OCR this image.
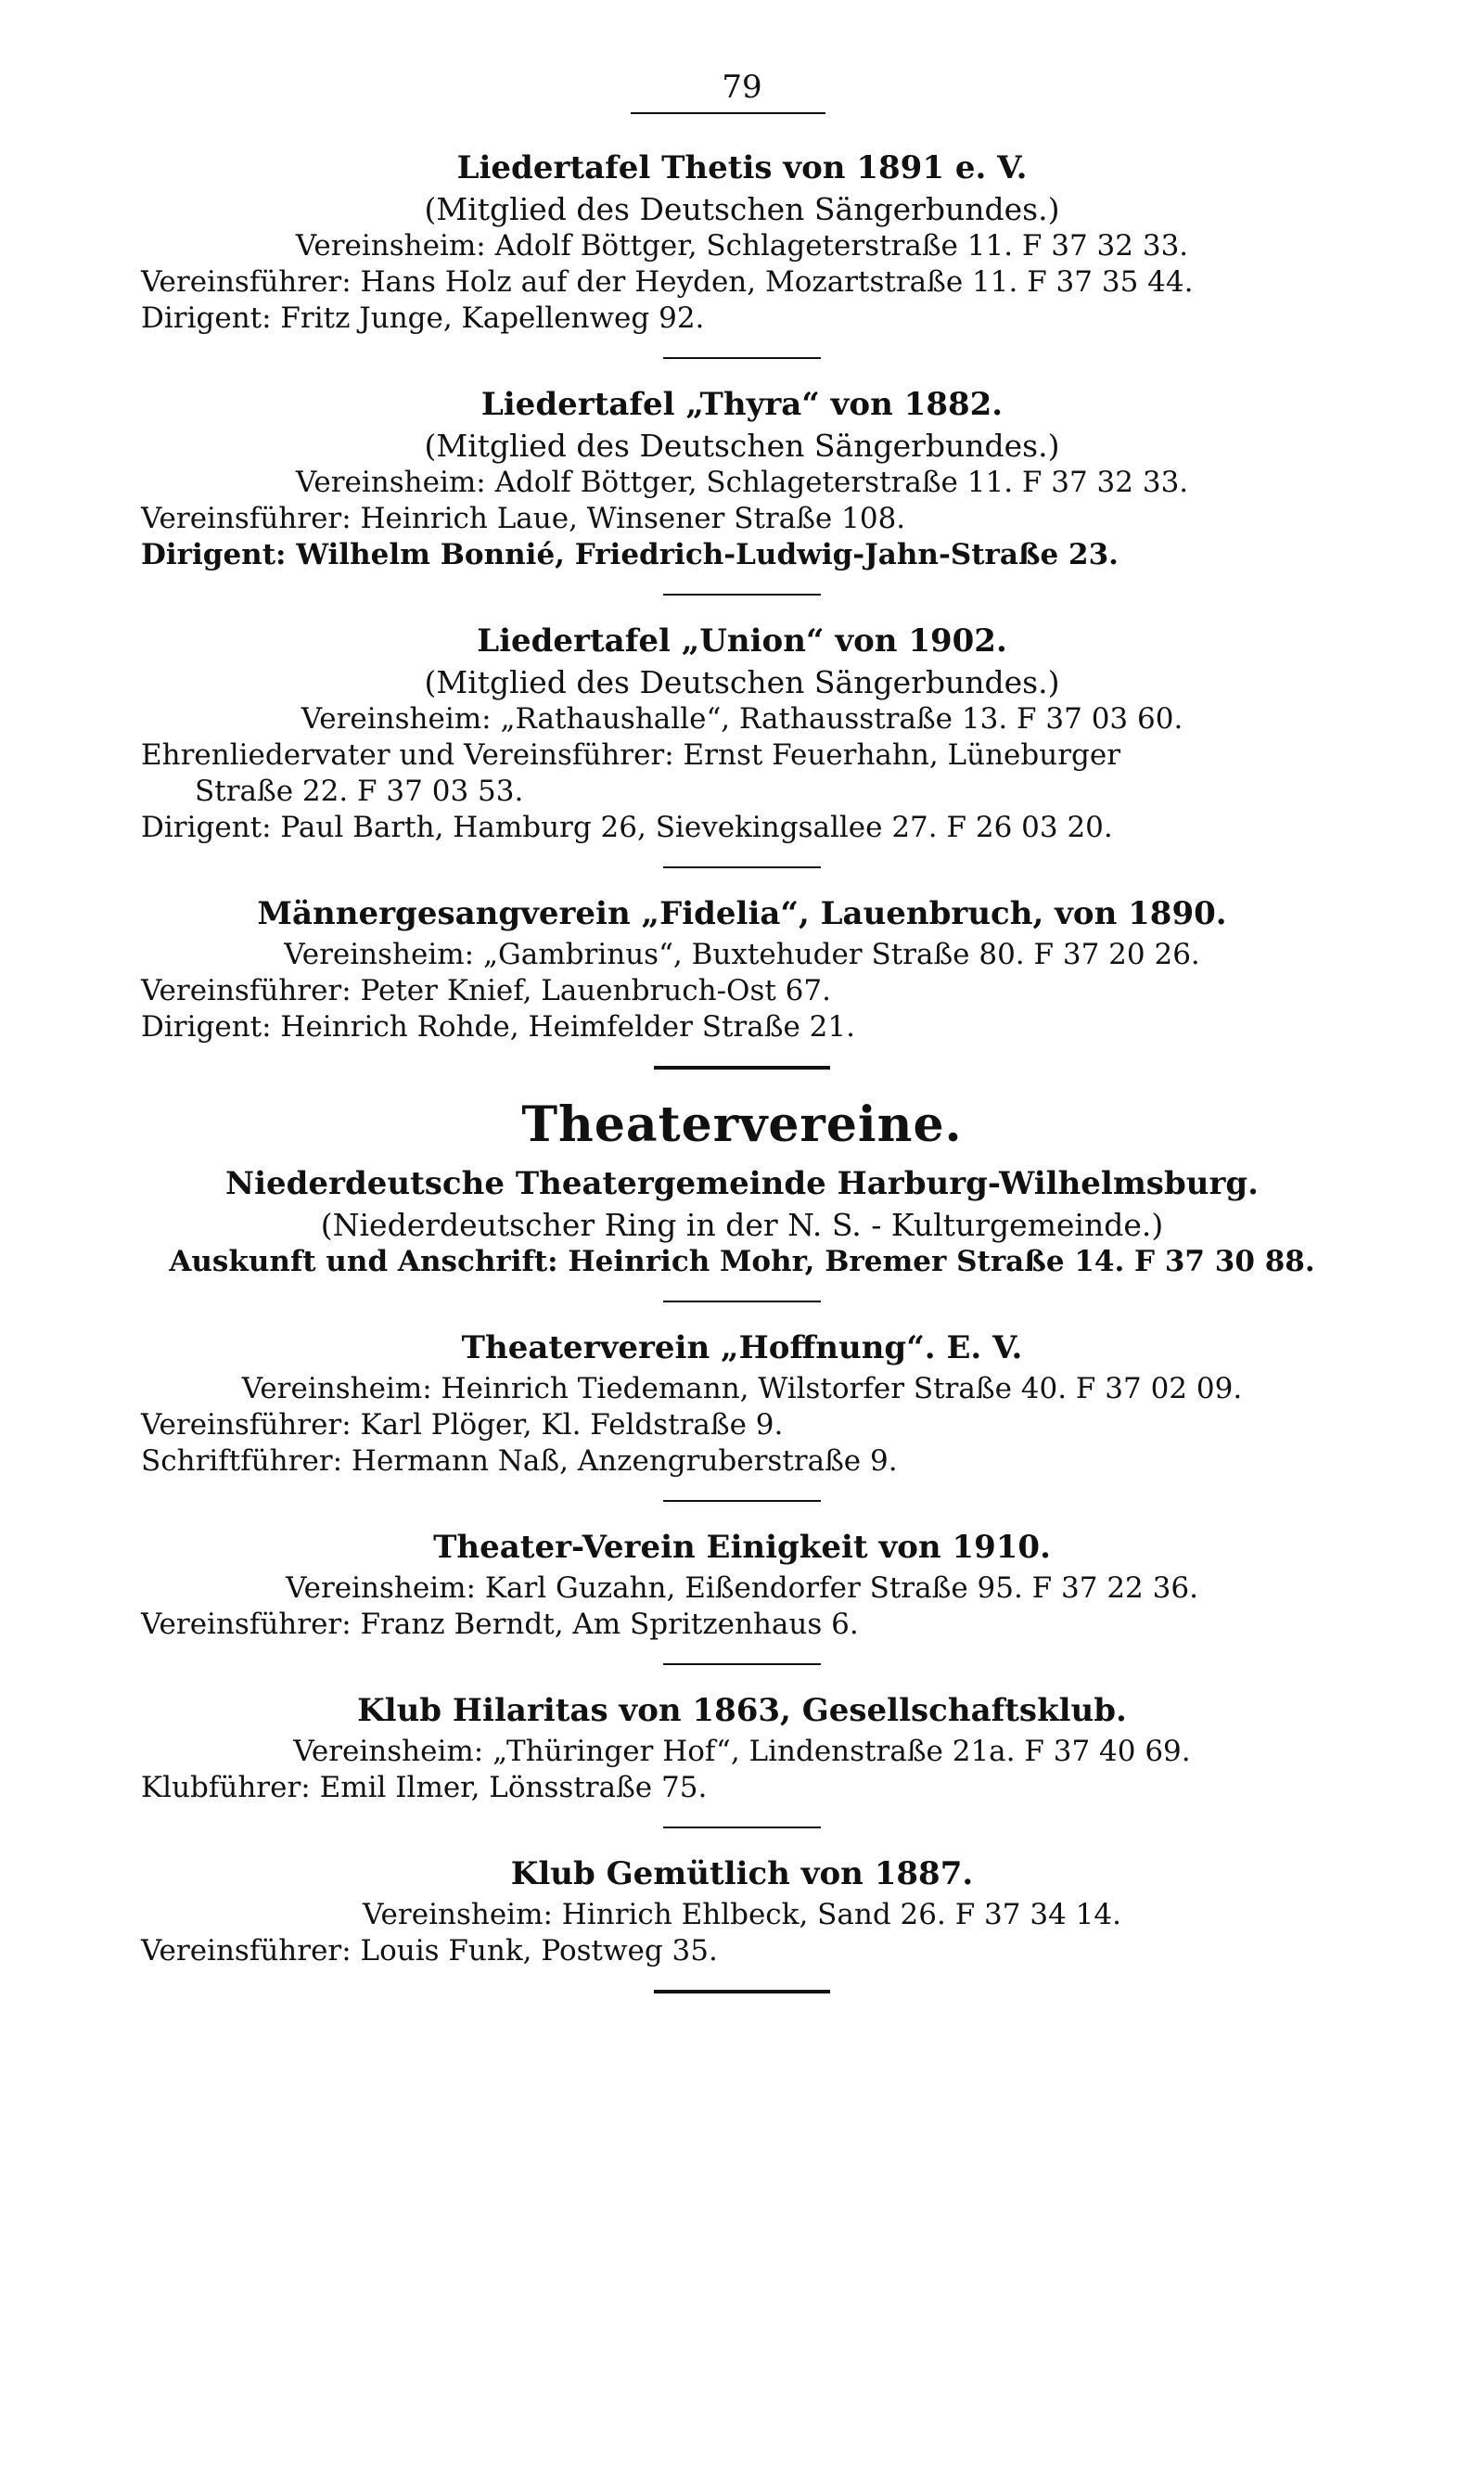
79

Liedertafel Thetis von 1891 e. V.

(Mitglied des Deutschen Sängerbundes.)

Vereinsheim: Adolf Böttger, Schlageterstraße 11. F 37 32 33.

Vereinsführer: Hans Holz auf der Heyden, Mozartstraße 11. F 37 35 44.

Dirigent: Fritz Junge, Kapellenweg 92.

Liedertafel „Thyra“ von 1882.

(Mitglied des Deutschen Sängerbundes.)

Vereinsheim: Adolf Böttger, Schlageterstraße 11. F 37 32 33.

Vereinsführer: Heinrich Laue, Winsener Straße 108.

Dirigent: Wilhelm Bonnié, Friedrich-Ludwig-Jahn-Straße 23.

Liedertafel „Union“ von 1902.

(Mitglied des Deutschen Sängerbundes.)

Vereinsheim: „Rathaushalle“, Rathausstraße 13. F 37 03 60.

Ehrenliedervater und Vereinsführer: Ernst Feuerhahn, Lüneburger

Straße 22. F 37 03 53.

Dirigent: Paul Barth, Hamburg 26, Sievekingsallee 27. F 26 03 20.

Männergesangverein „Fidelia“, Lauenbruch, von 1890.

Vereinsheim: „Gambrinus“, Buxtehuder Straße 80. F 37 20 26.

Vereinsführer: Peter Knief, Lauenbruch-Ost 67.

Dirigent: Heinrich Rohde, Heimfelder Straße 21.

Theatervereine.

Niederdeutsche Theatergemeinde Harburg-Wilhelmsburg.

(Niederdeutscher Ring in der N. S. - Kulturgemeinde.)

Auskunft und Anschrift: Heinrich Mohr, Bremer Straße 14. F 37 30 88.

Theaterverein „Hoffnung“. E. V.

Vereinsheim: Heinrich Tiedemann, Wilstorfer Straße 40. F 37 02 09.

Vereinsführer: Karl Plöger, Kl. Feldstraße 9.

Schriftführer: Hermann Naß, Anzengruberstraße 9.

Theater-Verein Einigkeit von 1910.

Vereinsheim: Karl Guzahn, Eißendorfer Straße 95. F 37 22 36.

Vereinsführer: Franz Berndt, Am Spritzenhaus 6.

Klub Hilaritas von 1863, Gesellschaftsklub.

Vereinsheim: „Thüringer Hof“, Lindenstraße 21a. F 37 40 69.

Klubführer: Emil Ilmer, Lönsstraße 75.

Klub Gemütlich von 1887.

Vereinsheim: Hinrich Ehlbeck, Sand 26. F 37 34 14.

Vereinsführer: Louis Funk, Postweg 35.
